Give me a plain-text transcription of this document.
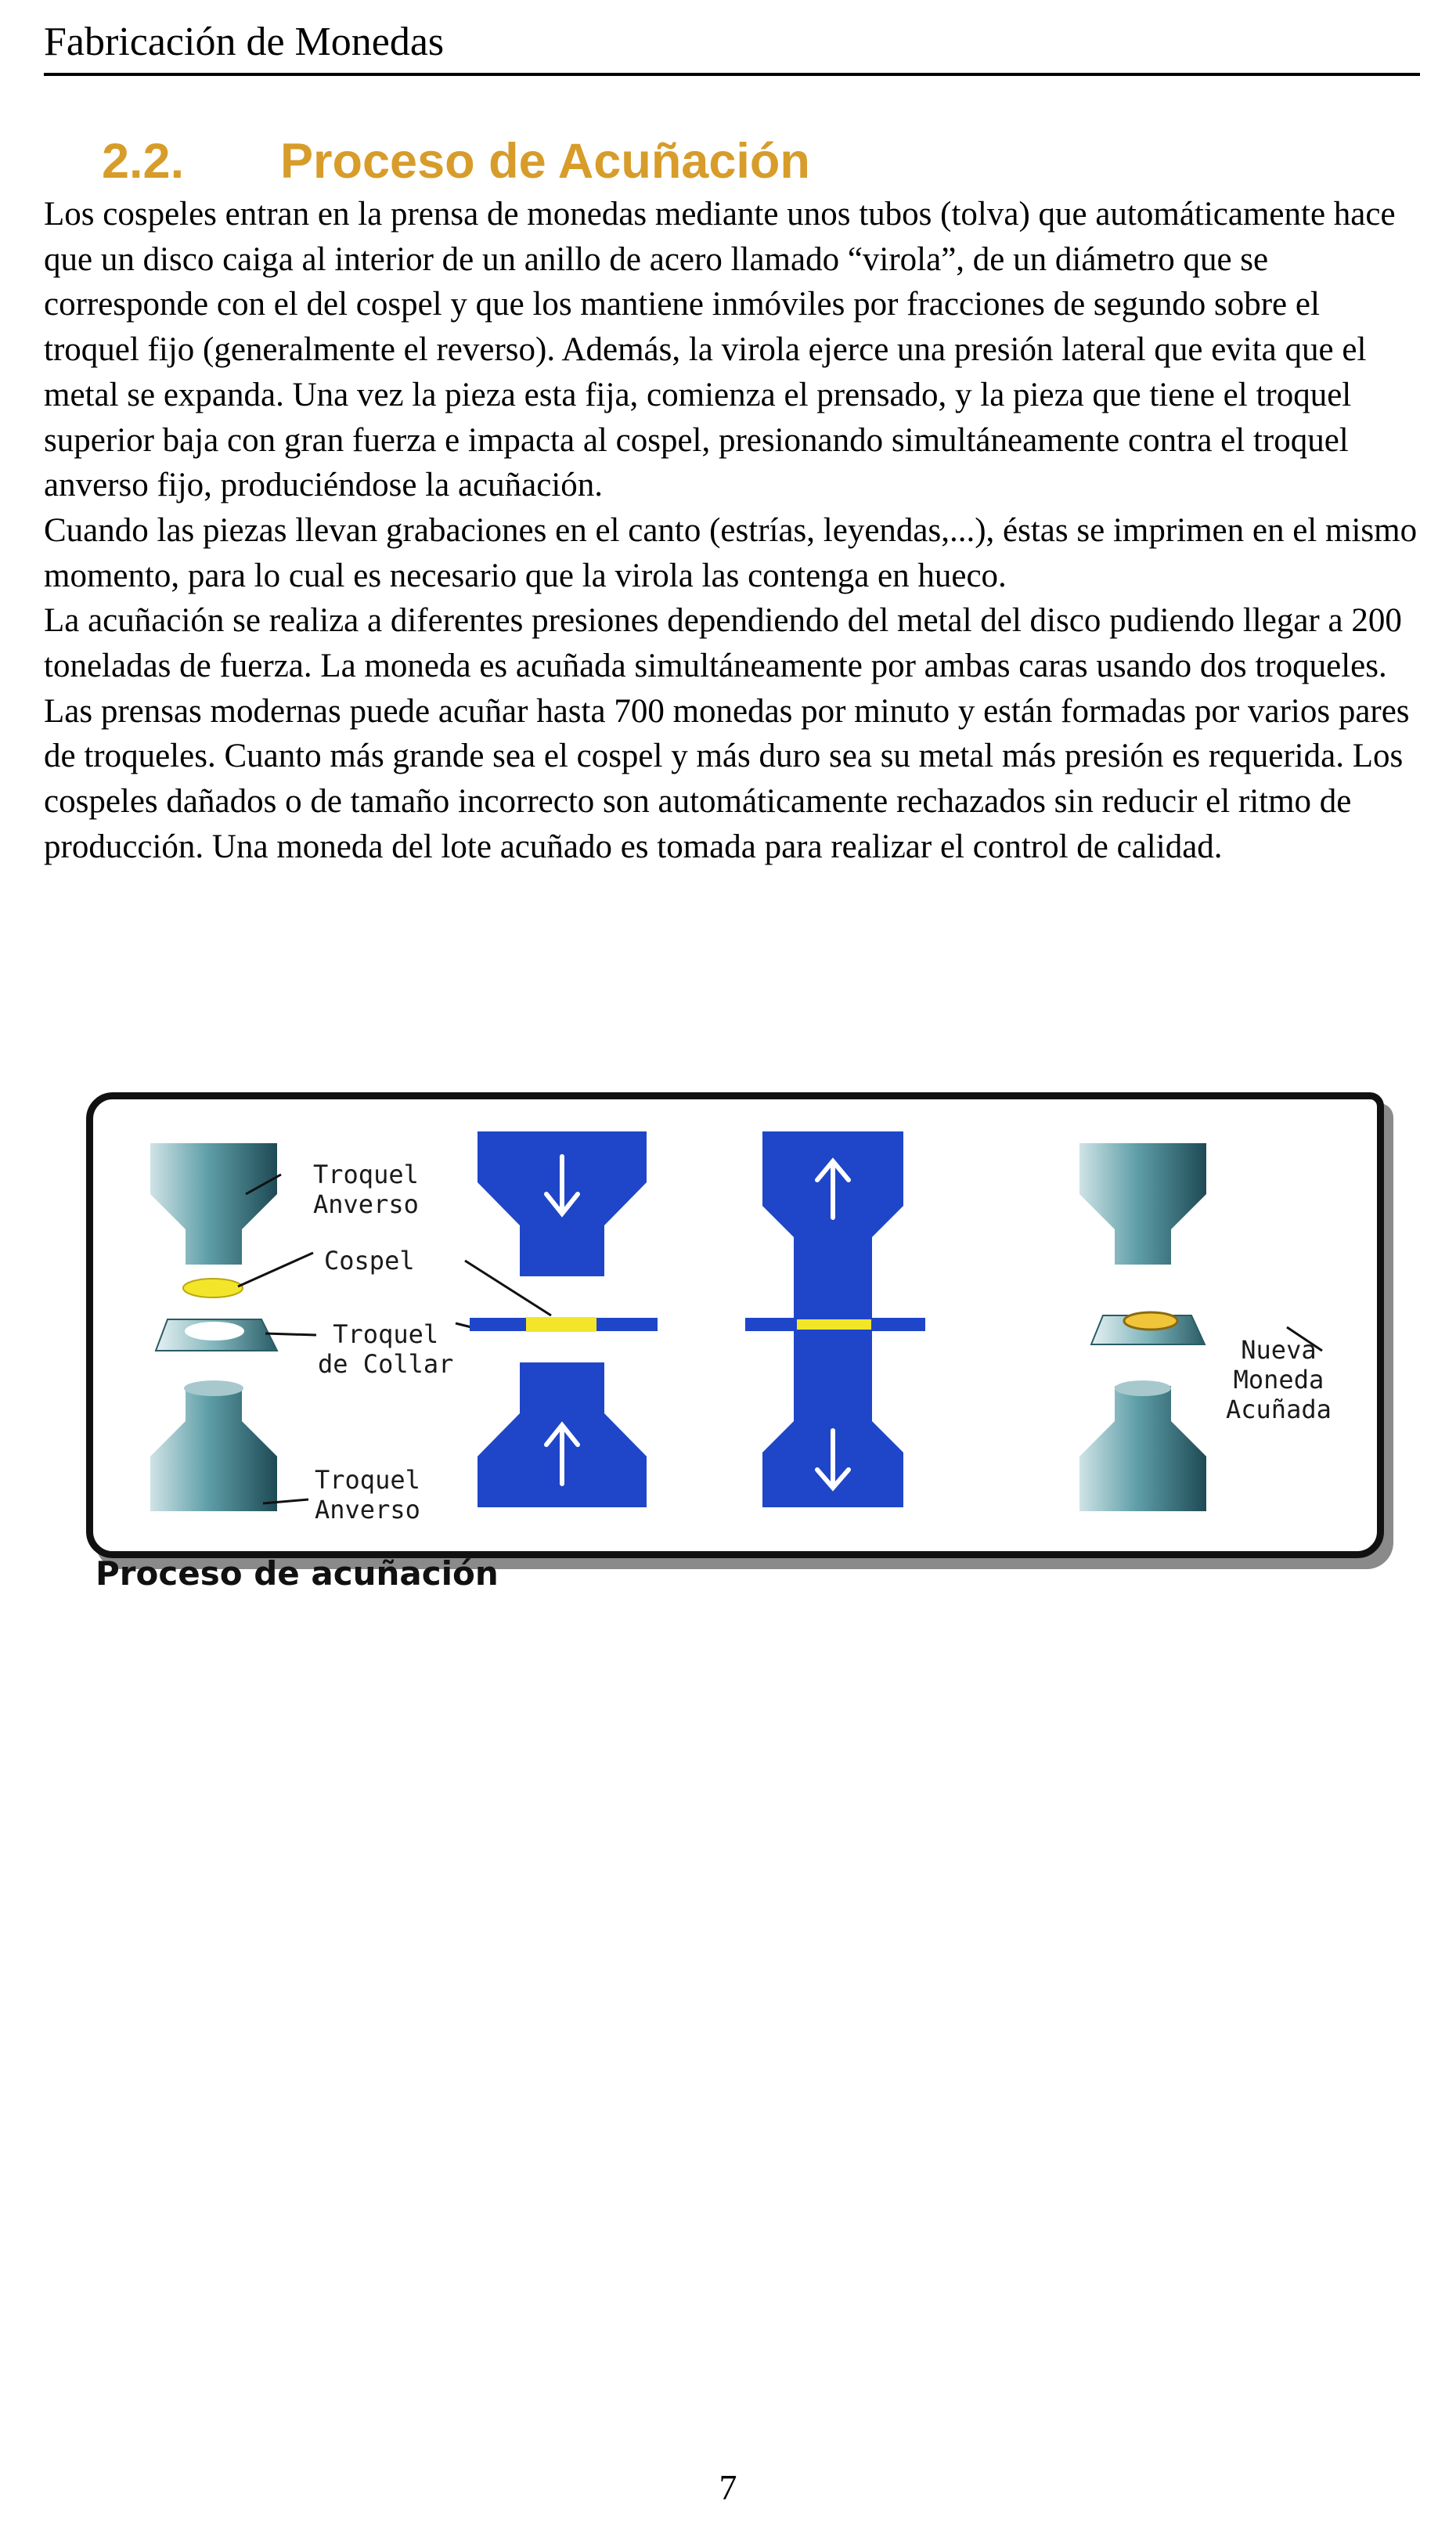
Fabricación de Monedas
2.2. Proceso de Acuñación

Los cospeles entran en la prensa de monedas mediante unos tubos (tolva) que automáticamente hace que un disco caiga al interior de un anillo de acero llamado “virola”, de un diámetro que se corresponde con el del cospel y que los mantiene inmóviles por fracciones de segundo sobre el troquel fijo (generalmente el reverso). Además, la virola ejerce una presión lateral que evita que el metal se expanda. Una vez la pieza esta fija, comienza el prensado, y la pieza que tiene el troquel superior baja con gran fuerza e impacta al cospel, presionando simultáneamente contra el troquel anverso fijo, produciéndose la acuñación.

Cuando las piezas llevan grabaciones en el canto (estrías, leyendas,...), éstas se imprimen en el mismo momento, para lo cual es necesario que la virola las contenga en hueco.

La acuñación se realiza a diferentes presiones dependiendo del metal del disco pudiendo llegar a 200 toneladas de fuerza. La moneda es acuñada simultáneamente por ambas caras usando dos troqueles. Las prensas modernas puede acuñar hasta 700 monedas por minuto y están formadas por varios pares de troqueles. Cuanto más grande sea el cospel y más duro sea su metal más presión es requerida. Los cospeles dañados o de tamaño incorrecto son automáticamente rechazados sin reducir el ritmo de producción. Una moneda del lote acuñado es tomada para realizar el control de calidad.

Troquel
Anverso
Cospel
Troquel
de Collar
Troquel
Anverso
Nueva
Moneda
Acuñada
Proceso de acuñación
7
